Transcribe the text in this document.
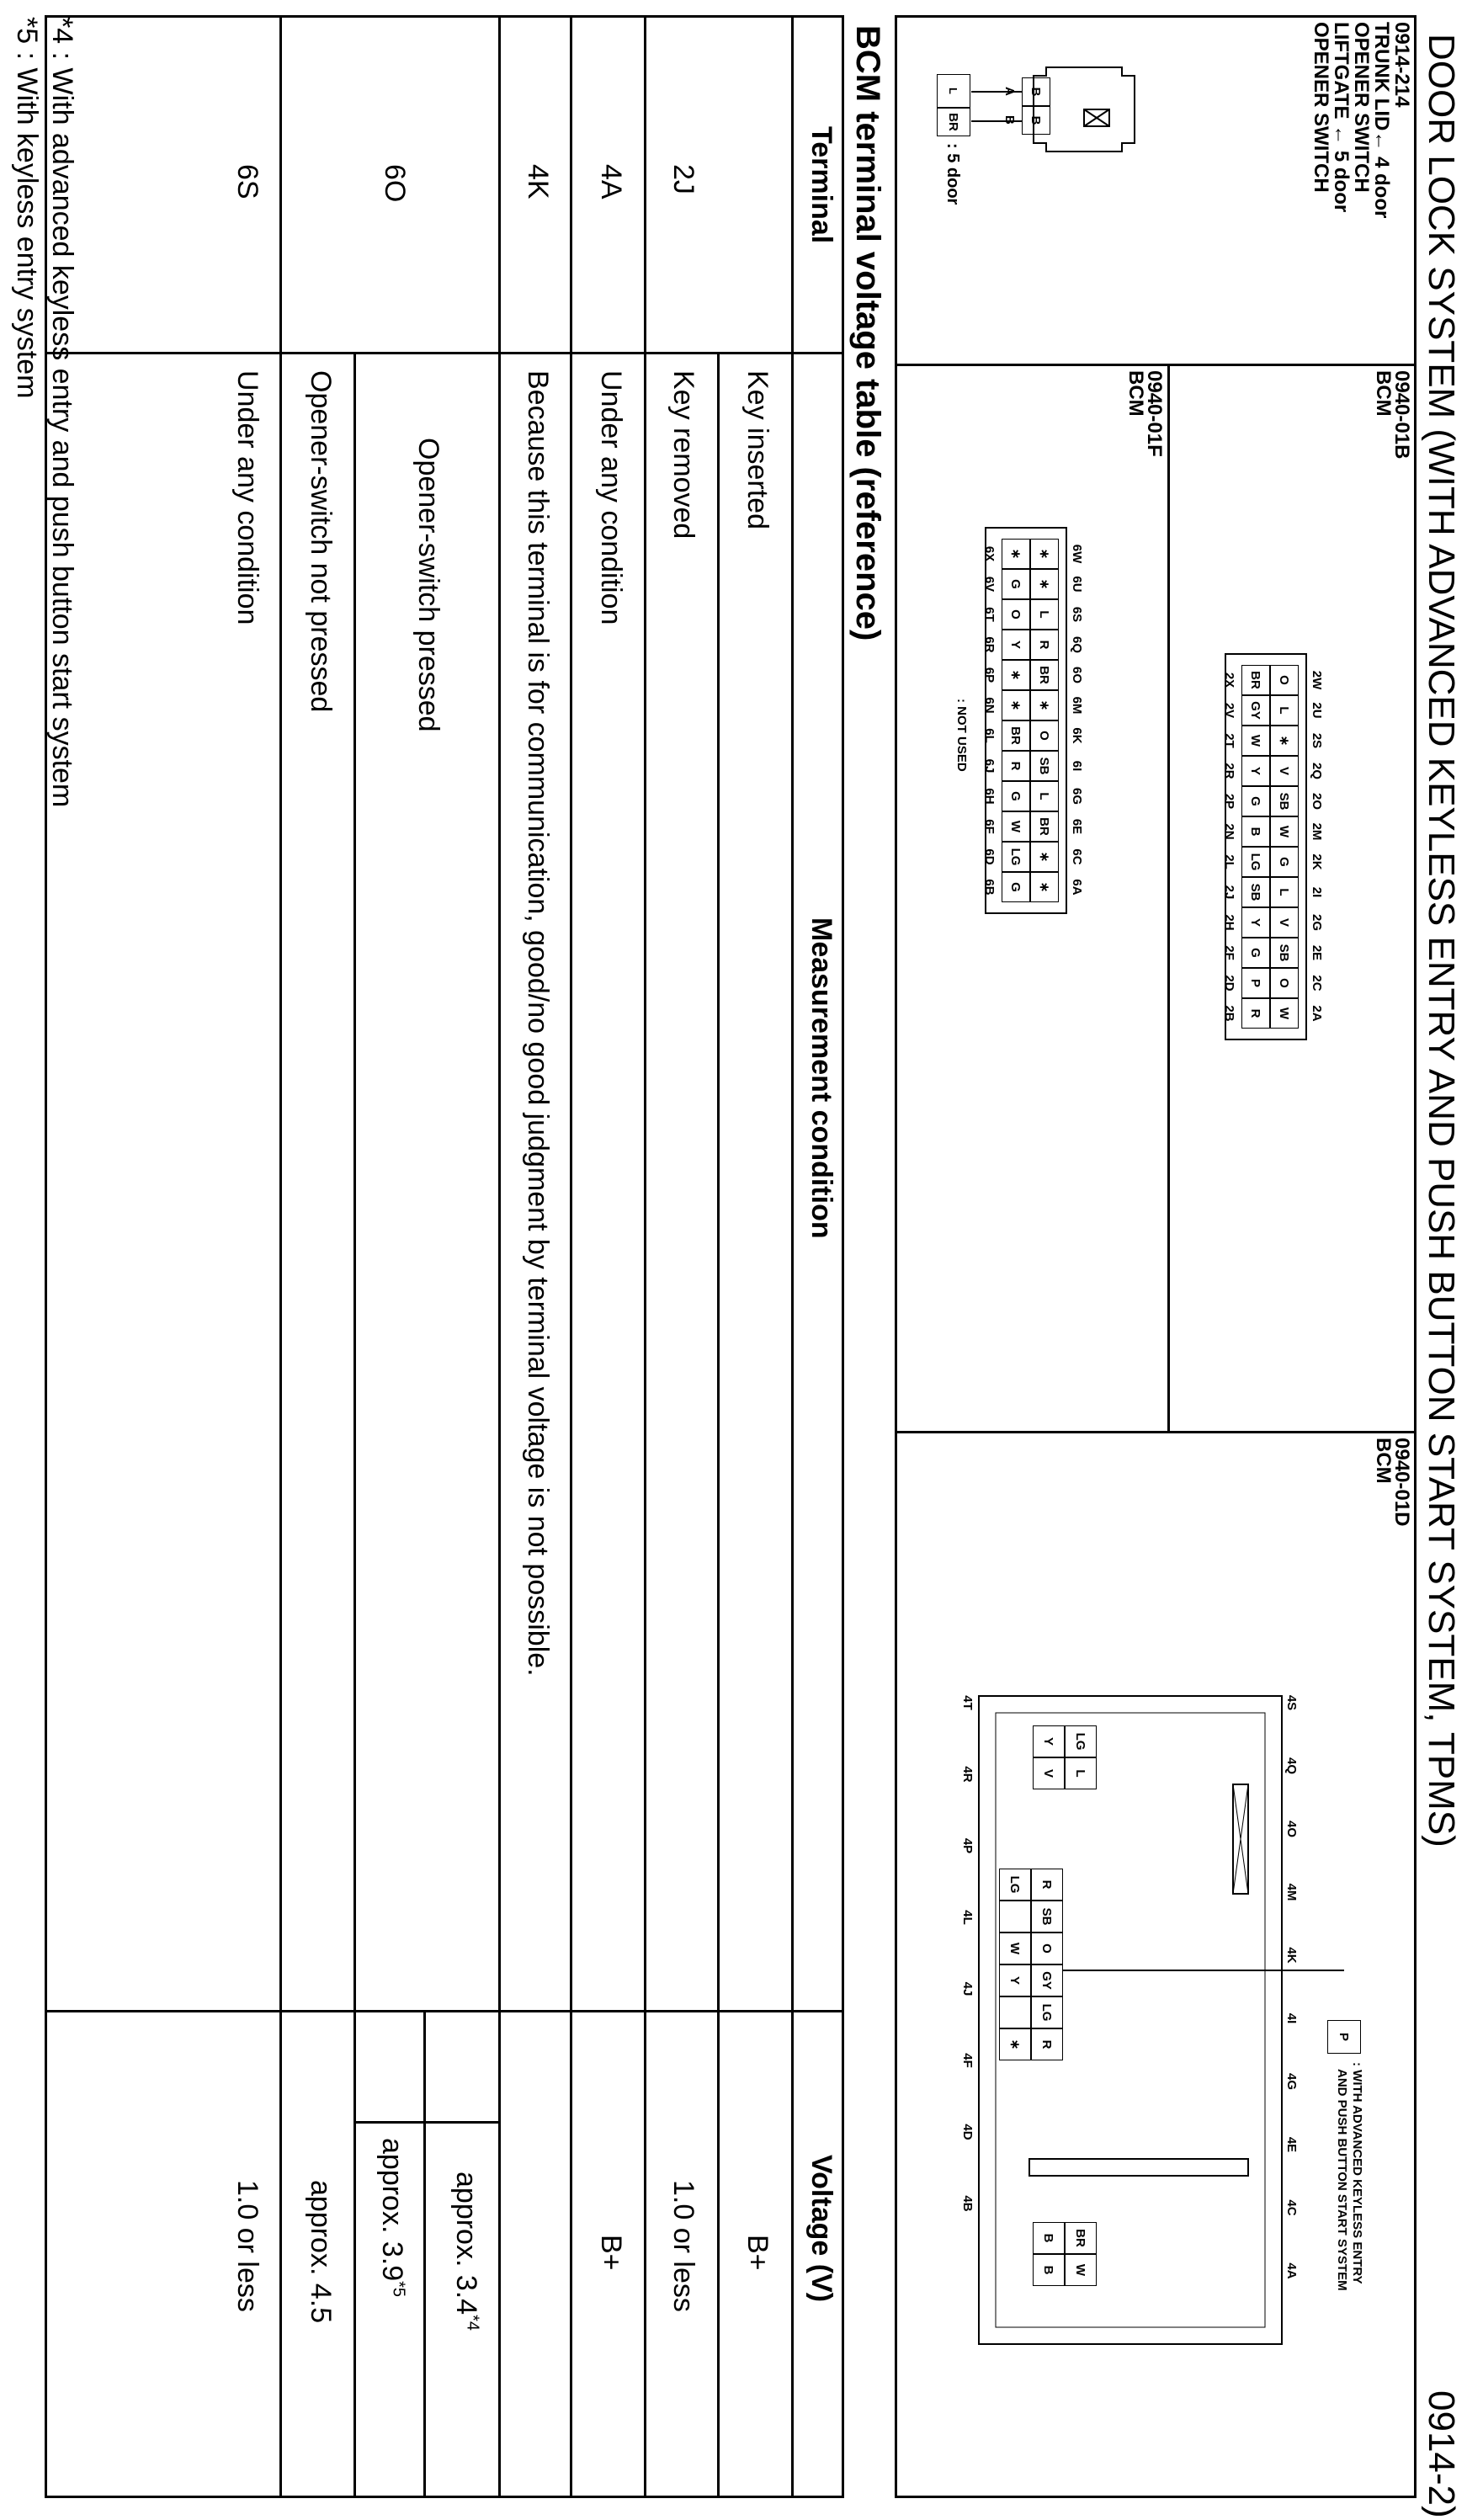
DOOR LOCK SYSTEM (WITH ADVANCED KEYLESS ENTRY AND PUSH BUTTON START SYSTEM, TPMS)
0914-2)
0914-214
TRUNK LID← 4 door
OPENER SWITCH
LIFTGATE ← 5 door
OPENER SWITCH
B
B
L
BR
: 5 door
0940-01B
BCM
2W
O
BR
2X
2U
L
GY
2V
2S
∗
W
2T
2Q
V
Y
2R
2O
SB
G
2P
2M
W
B
2N
2K
G
LG
2L
2I
L
SB
2J
2G
V
Y
2H
2E
SB
G
2F
2C
O
P
2D
2A
W
R
2B
0940-01F
BCM
6W
∗
∗
6X
6U
∗
G
6V
6S
L
O
6T
6Q
R
Y
6R
6O
BR
∗
6P
6M
∗
∗
6N
6K
O
BR
6L
6I
SB
R
6J
6G
L
G
6H
6E
BR
W
6F
6C
∗
LG
6D
6A
∗
G
6B
: NOT USED
0940-01D
BCM
4S
4Q
4O
4M
4K
4I
4G
4E
4C
4A
4T
4R
4P
4L
4J
4F
4D
4B
LG
L
Y
V
R
SB
O
GY
LG
R
LG
W
Y
∗
BR
W
B
B
P
: WITH ADVANCED KEYLESS ENTRY
AND PUSH BUTTON START SYSTEM
BCM terminal voltage table (reference)
Terminal
Measurement condition
Voltage (V)
2J
Key inserted
B+
Key removed
1.0 or less
4A
Under any condition
B+
4K
Because this terminal is for communication, good/no good judgment by terminal voltage is not possible.
6O
Opener-switch pressed
approx. 3.4$^{*4}$
approx. 3.9$^{*5}$
Opener-switch not pressed
approx. 4.5
6S
Under any condition
1.0 or less
*4 : With advanced keyless entry and push button start system
*5 : With keyless entry system
